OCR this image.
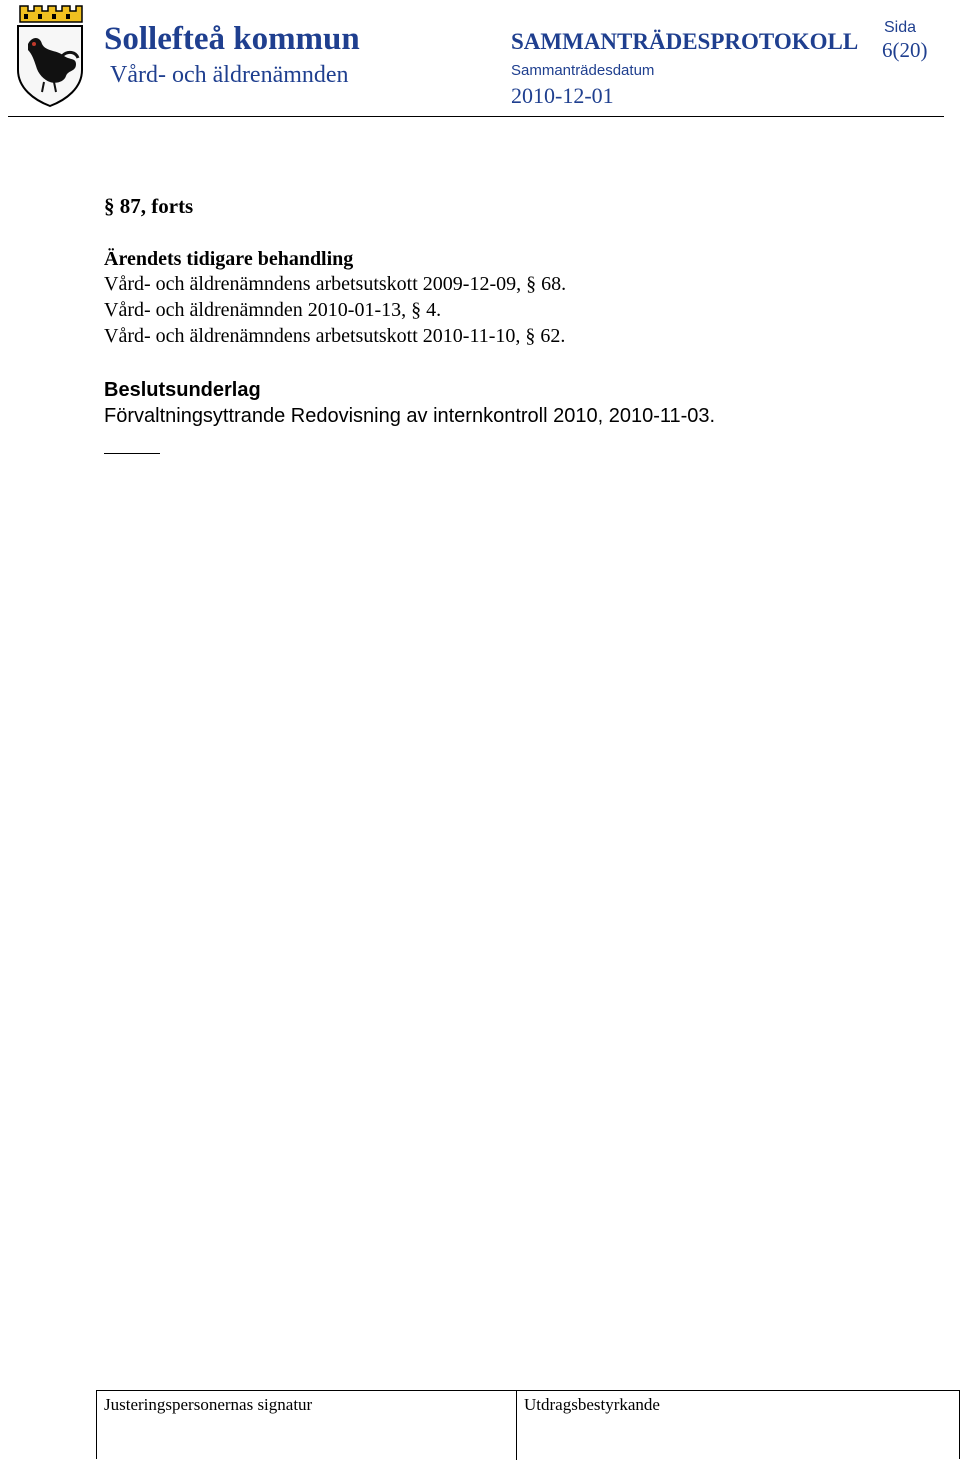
Sollefteå kommun
Vård- och äldrenämnden
SAMMANTRÄDESPROTOKOLL
Sammanträdesdatum
2010-12-01
Sida
6(20)
§ 87, forts
Ärendets tidigare behandling
Vård- och äldrenämndens arbetsutskott 2009-12-09, § 68.
Vård- och äldrenämnden 2010-01-13, § 4.
Vård- och äldrenämndens arbetsutskott 2010-11-10, § 62.
Beslutsunderlag
Förvaltningsyttrande Redovisning av internkontroll 2010, 2010-11-03.
Justeringspersonernas signatur	Utdragsbestyrkande
